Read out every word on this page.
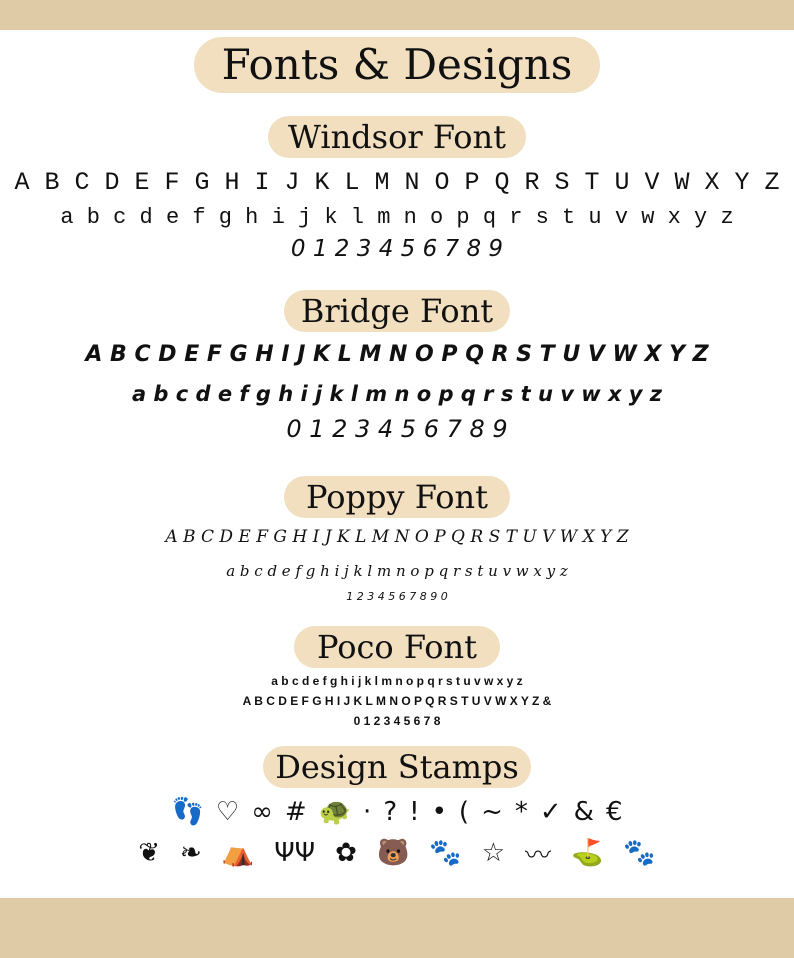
Fonts & Designs
Windsor Font
A B C D E F G H I J K L M N O P Q R S T U V W X Y Z
a b c d e f g h i j k l m n o p q r s t u v w x y z
0 1 2 3 4 5 6 7 8 9
Bridge Font
A B C D E F G H I J K L M N O P Q R S T U V W X Y Z
a b c d e f g h i j k l m n o p q r s t u v w x y z
0 1 2 3 4 5 6 7 8 9
Poppy Font
A B C D E F G H I J K L M N O P Q R S T U V W X Y Z
a b c d e f g h i j k l m n o p q r s t u v w x y z
1 2 3 4 5 6 7 8 9 0
Poco Font
a b c d e f g h i j k l m n o p q r s t u v w x y z
A B C D E F G H I J K L M N O P Q R S T U V W X Y Z &
0 1 2 3 4 5 6 7 8
Design Stamps
👣 ♡ ∞ # 🐢 · ? ! • ( ~ * ✓ & €
❦ ❧ ⛺ ΨΨ ✿ 🐻 🐾 ☆ 〰 ⛳ 🐾
